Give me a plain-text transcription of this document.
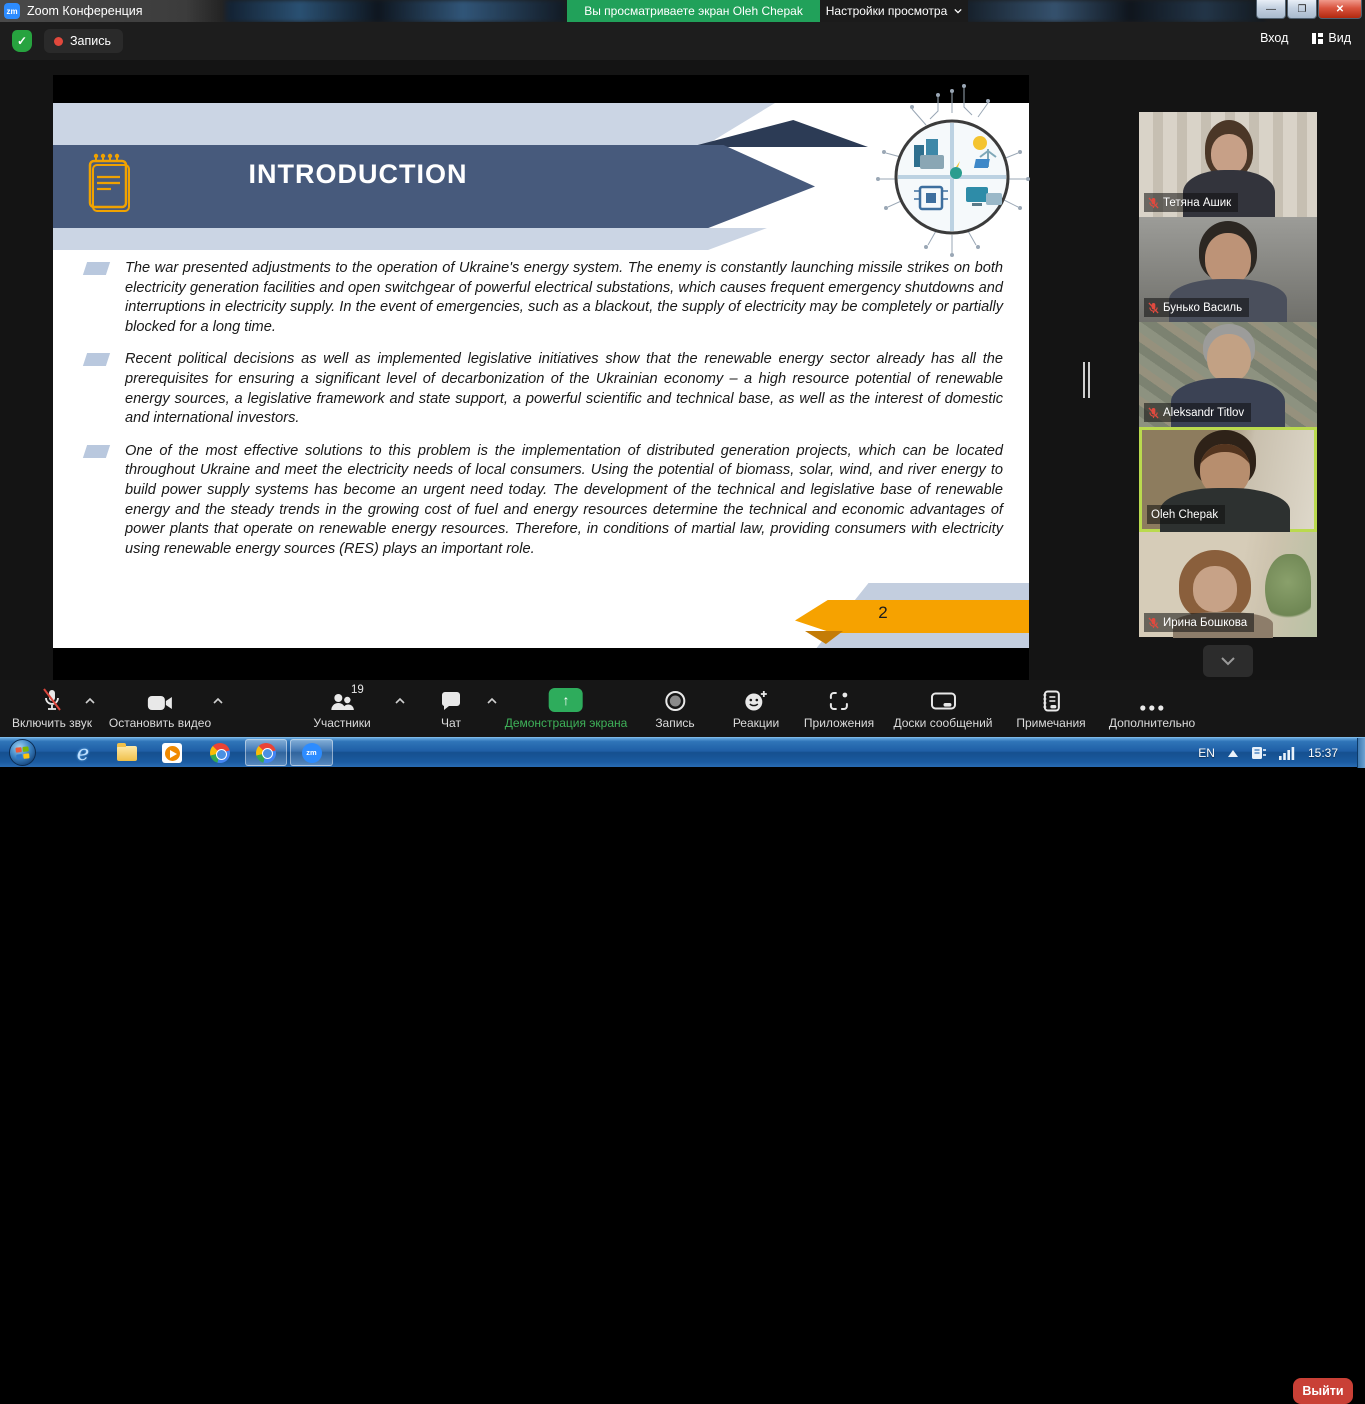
zm Zoom Конференция	Вы просматриваете экран Oleh Chepak	Настройки просмотра	—	❐	✕
✓	Запись	Вход	Вид
INTRODUCTION
The war presented adjustments to the operation of Ukraine's energy system. The enemy is constantly launching missile strikes on both electricity generation facilities and open switchgear of powerful electrical substations, which causes frequent emergency shutdowns and interruptions in electricity supply. In the event of emergencies, such as a blackout, the supply of electricity may be completely or partially blocked for a long time.
Recent political decisions as well as implemented legislative initiatives show that the renewable energy sector already has all the prerequisites for ensuring a significant level of decarbonization of the Ukrainian economy – a high resource potential of renewable energy sources, a legislative framework and state support, a powerful scientific and technical base, as well as the interest of domestic and international investors.
One of the most effective solutions to this problem is the implementation of distributed generation projects, which can be located throughout Ukraine and meet the electricity needs of local consumers. Using the potential of biomass, solar, wind, and river energy to build power supply systems has become an urgent need today. The development of the technical and legislative base of renewable energy and the steady trends in the growing cost of fuel and energy resources determine the technical and economic advantages of power plants that operate on renewable energy resources. Therefore, in conditions of martial law, providing consumers with electricity using renewable energy sources (RES) plays an important role.
2
Тетяна Ашик
Бунько Василь
Aleksandr Titlov
Oleh Chepak
Ирина Бошкова
Включить звук Остановить видео
19
Участники	Чат
↑
Демонстрация экрана Запись	Реакции Приложения Доски сообщений Примечания Дополнительно
Выйти
e	zm	EN	15:37
